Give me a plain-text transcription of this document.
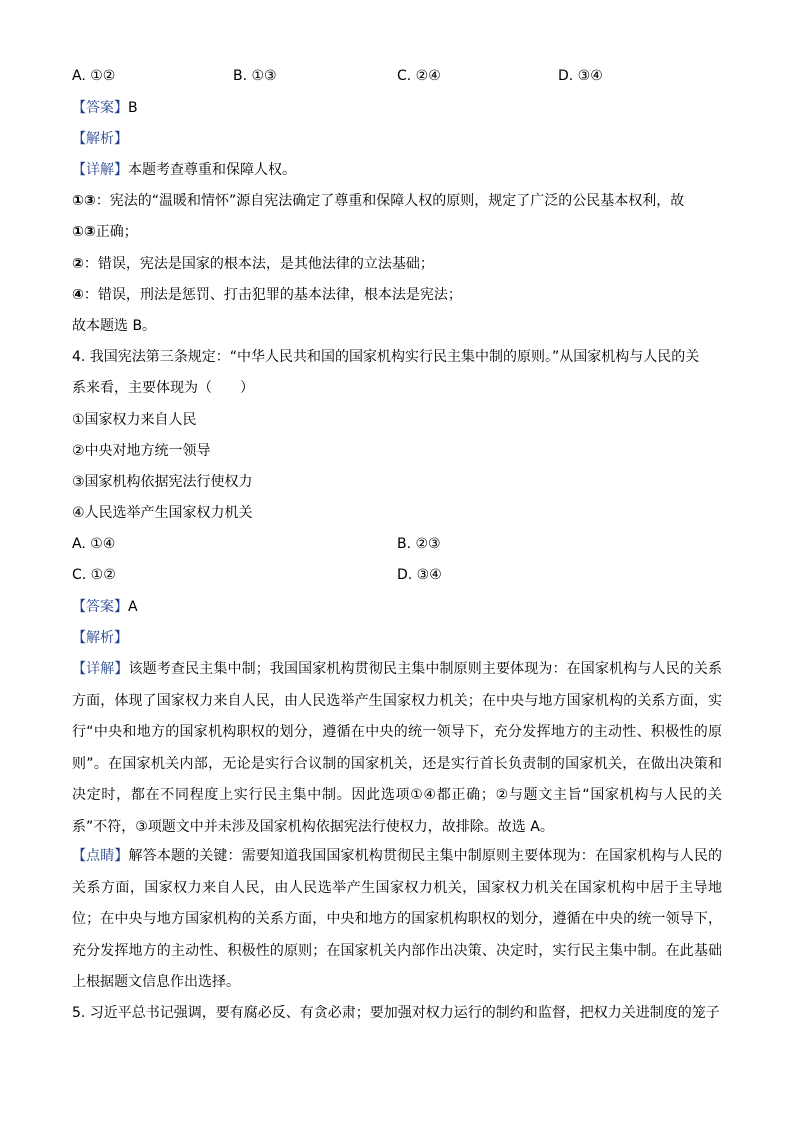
A. ①②	B. ①③	C. ②④	D. ③④
【答案】B
【解析】
【详解】本题考查尊重和保障人权。
①③：宪法的“温暖和情怀”源自宪法确定了尊重和保障人权的原则，规定了广泛的公民基本权利，故
①③正确；
②：错误，宪法是国家的根本法，是其他法律的立法基础；
④：错误，刑法是惩罚、打击犯罪的基本法律，根本法是宪法；
故本题选 B。
4. 我国宪法第三条规定：“中华人民共和国的国家机构实行民主集中制的原则。”从国家机构与人民的关
系来看，主要体现为（　　）
①国家权力来自人民
②中央对地方统一领导
③国家机构依据宪法行使权力
④人民选举产生国家权力机关
A. ①④	B. ②③
C. ①②	D. ③④
【答案】A
【解析】
【详解】该题考查民主集中制；我国国家机构贯彻民主集中制原则主要体现为：在国家机构与人民的关系方面，体现了国家权力来自人民，由人民选举产生国家权力机关；在中央与地方国家机构的关系方面，实行“中央和地方的国家机构职权的划分，遵循在中央的统一领导下，充分发挥地方的主动性、积极性的原则”。在国家机关内部，无论是实行合议制的国家机关，还是实行首长负责制的国家机关，在做出决策和决定时，都在不同程度上实行民主集中制。因此选项①④都正确；②与题文主旨“国家机构与人民的关系”不符，③项题文中并未涉及国家机构依据宪法行使权力，故排除。故选 A。
【点睛】解答本题的关键：需要知道我国国家机构贯彻民主集中制原则主要体现为：在国家机构与人民的关系方面，国家权力来自人民，由人民选举产生国家权力机关，国家权力机关在国家机构中居于主导地位；在中央与地方国家机构的关系方面，中央和地方的国家机构职权的划分，遵循在中央的统一领导下，充分发挥地方的主动性、积极性的原则；在国家机关内部作出决策、决定时，实行民主集中制。在此基础上根据题文信息作出选择。
5. 习近平总书记强调，要有腐必反、有贪必肃；要加强对权力运行的制约和监督，把权力关进制度的笼子
